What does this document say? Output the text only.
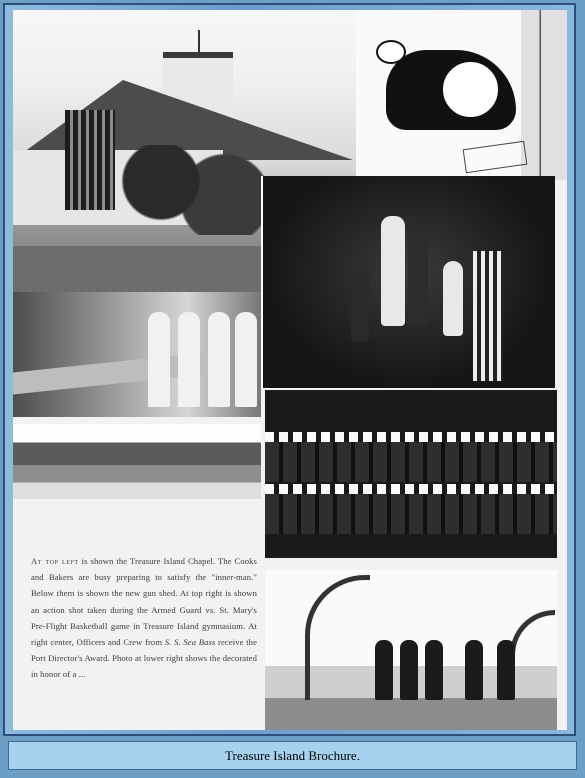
At top left is shown the Treasure Island Chapel. The Cooks and Bakers are busy preparing to satisfy the "inner-man." Below them is shown the new gun shed. At top right is shown an action shot taken during the Armed Guard vs. St. Mary's Pre-Flight Basketball game in Treasure Island gymnasium. At right center, Officers and Crew from S. S. Sea Bass receive the Port Director's Award. Photo at lower right shows the decorated in honor of a ...
Treasure Island Brochure.
